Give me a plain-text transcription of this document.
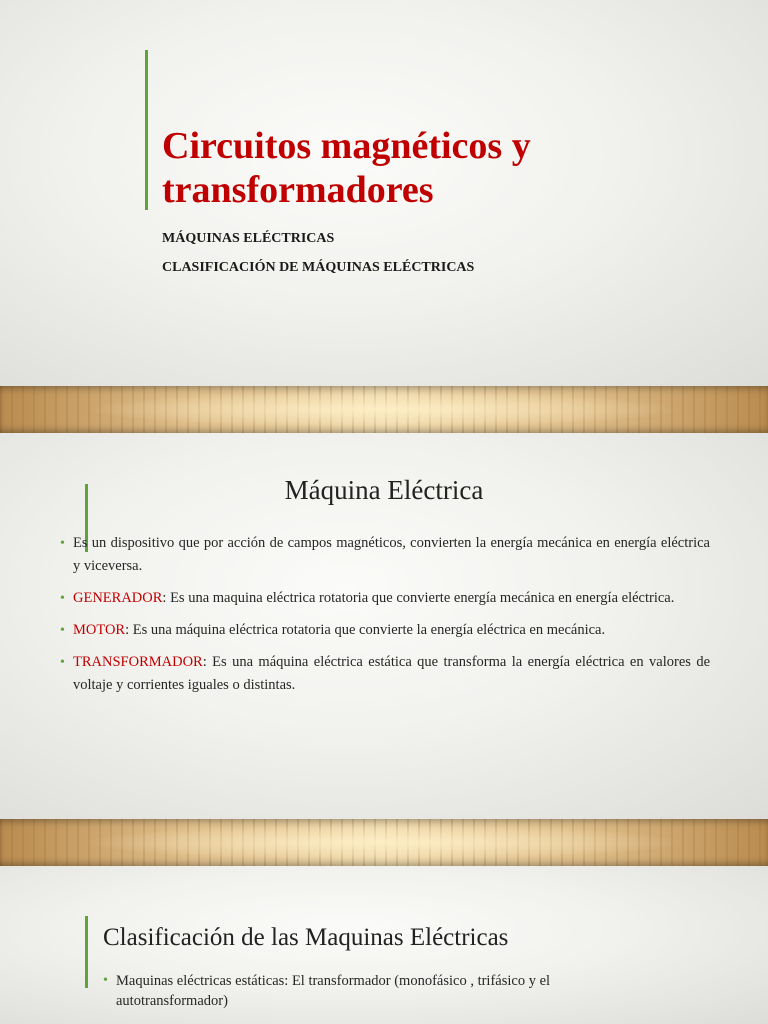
Circuitos magnéticos y transformadores

MÁQUINAS ELÉCTRICAS

CLASIFICACIÓN DE MÁQUINAS ELÉCTRICAS

Máquina Eléctrica
• Es un dispositivo que por acción de campos magnéticos, convierten la energía mecánica en energía eléctrica y viceversa.
• GENERADOR: Es una maquina eléctrica rotatoria que convierte energía mecánica en energía eléctrica.
• MOTOR: Es una máquina eléctrica rotatoria que convierte la energía eléctrica en mecánica.
• TRANSFORMADOR: Es una máquina eléctrica estática que transforma la energía eléctrica en valores de voltaje y corrientes iguales o distintas.
Clasificación de las Maquinas Eléctricas
• Maquinas eléctricas estáticas: El transformador (monofásico , trifásico y el autotransformador)
